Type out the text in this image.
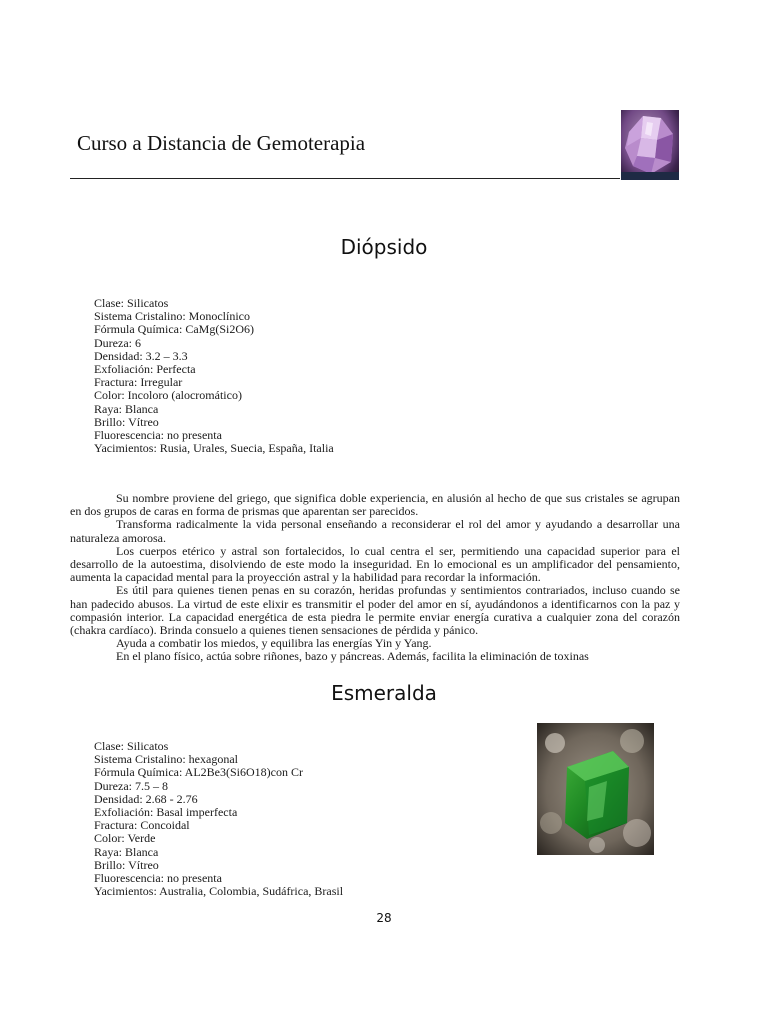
Curso a Distancia de Gemoterapia
Diópsido
Clase: Silicatos
Sistema Cristalino: Monoclínico
Fórmula Química: CaMg(Si2O6)
Dureza: 6
Densidad: 3.2 – 3.3
Exfoliación: Perfecta
Fractura: Irregular
Color: Incoloro (alocromático)
Raya: Blanca
Brillo: Vítreo
Fluorescencia: no presenta
Yacimientos: Rusia, Urales, Suecia, España, Italia

Su nombre proviene del griego, que significa doble experiencia, en alusión al hecho de que sus cristales se agrupan en dos grupos de caras en forma de prismas que aparentan ser parecidos.

Transforma radicalmente la vida personal enseñando a reconsiderar el rol del amor y ayudando a desarrollar una naturaleza amorosa.

Los cuerpos etérico y astral son fortalecidos, lo cual centra el ser, permitiendo una capacidad superior para el desarrollo de la autoestima, disolviendo de este modo la inseguridad. En lo emocional es un amplificador del pensamiento, aumenta la capacidad mental para la proyección astral y la habilidad para recordar la información.

Es útil para quienes tienen penas en su corazón, heridas profundas y sentimientos contrariados, incluso cuando se han padecido abusos. La virtud de este elixir es transmitir el poder del amor en sí, ayudándonos a identificarnos con la paz y compasión interior. La capacidad energética de esta piedra le permite enviar energía curativa a cualquier zona del corazón (chakra cardíaco). Brinda consuelo a quienes tienen sensaciones de pérdida y pánico.

Ayuda a combatir los miedos, y equilibra las energías Yin y Yang.

En el plano físico, actúa sobre riñones, bazo y páncreas. Además, facilita la eliminación de toxinas

Esmeralda
Clase: Silicatos
Sistema Cristalino: hexagonal
Fórmula Química: AL2Be3(Si6O18)con Cr
Dureza: 7.5 – 8
Densidad: 2.68 - 2.76
Exfoliación: Basal imperfecta
Fractura: Concoidal
Color: Verde
Raya: Blanca
Brillo: Vítreo
Fluorescencia: no presenta
Yacimientos: Australia, Colombia, Sudáfrica, Brasil
28
